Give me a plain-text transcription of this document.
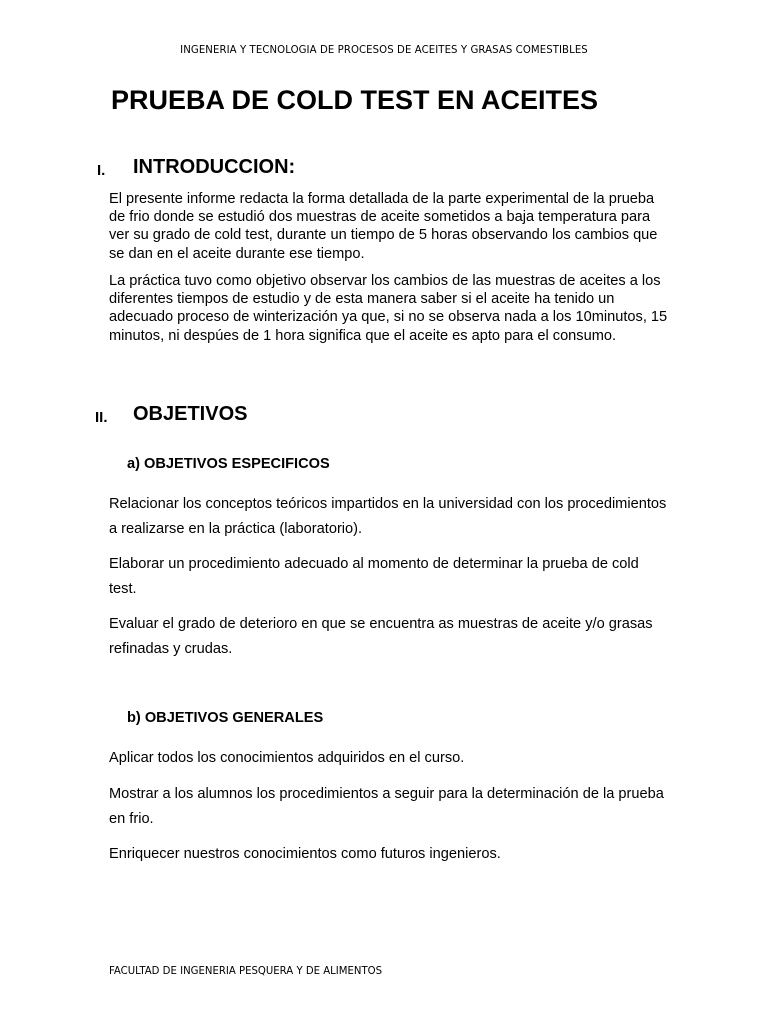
INGENERIA Y TECNOLOGIA DE PROCESOS DE ACEITES Y GRASAS COMESTIBLES
PRUEBA DE COLD TEST EN ACEITES
I. INTRODUCCION:
El presente informe redacta la forma detallada de la parte experimental de la prueba de frio donde se estudió dos muestras de aceite sometidos a baja temperatura para ver su grado de cold test, durante un tiempo de 5 horas observando los cambios que se dan en el aceite durante ese tiempo.
La práctica tuvo como objetivo observar los cambios de las muestras de aceites a los diferentes tiempos de estudio y de esta manera saber si el aceite ha tenido un adecuado proceso de winterización ya que, si no se observa nada a los 10minutos, 15 minutos, ni despúes de 1 hora significa que el aceite es apto para el consumo.
II. OBJETIVOS
a) OBJETIVOS ESPECIFICOS
Relacionar los conceptos teóricos impartidos en la universidad con los procedimientos a realizarse en la práctica (laboratorio).
Elaborar un procedimiento adecuado al momento de determinar la prueba de cold test.
Evaluar el grado de deterioro en que se encuentra as muestras de aceite y/o grasas refinadas y crudas.
b) OBJETIVOS GENERALES
Aplicar todos los conocimientos adquiridos en el curso.
Mostrar a los alumnos los procedimientos a seguir para la determinación de la prueba en frio.
Enriquecer nuestros conocimientos como futuros ingenieros.
FACULTAD DE INGENERIA PESQUERA Y DE ALIMENTOS
